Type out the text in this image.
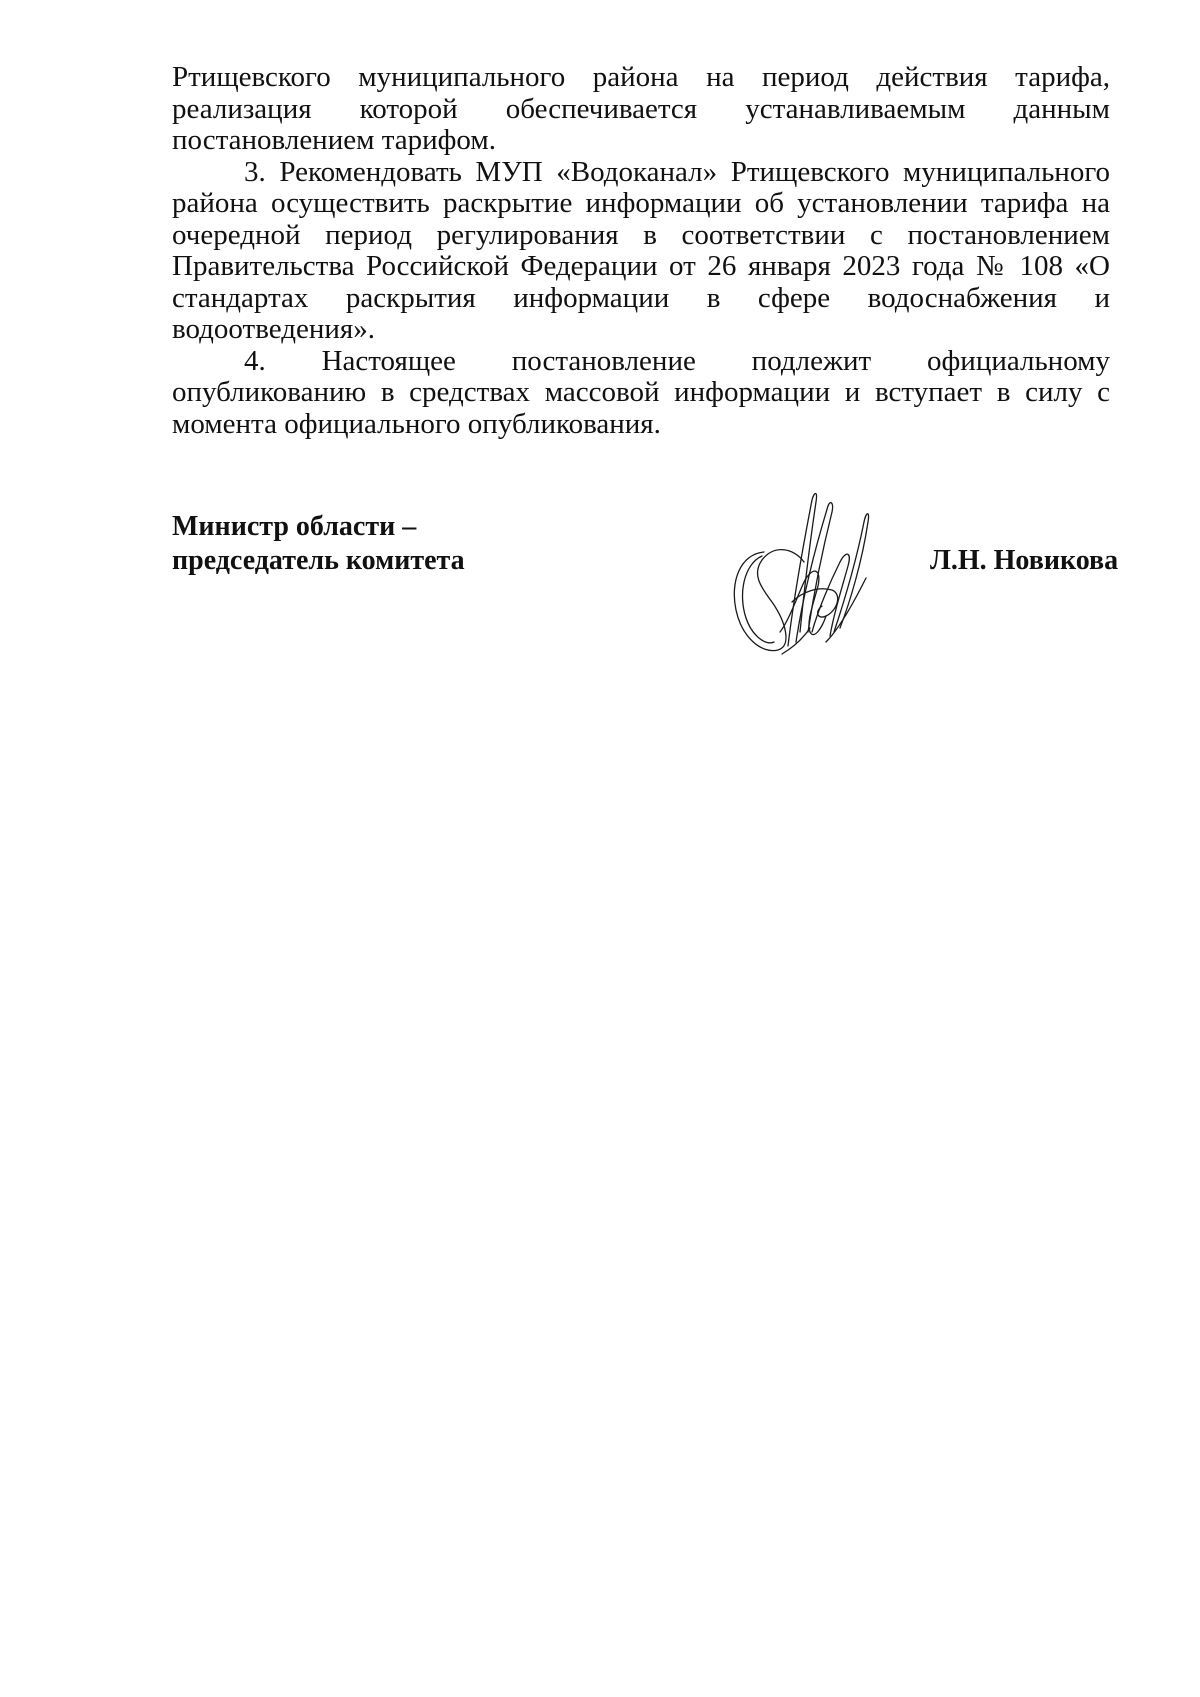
Ртищевского муниципального района на период действия тарифа, реализация которой обеспечивается устанавливаемым данным постановлением тарифом.

3. Рекомендовать МУП «Водоканал» Ртищевского муниципального района осуществить раскрытие информации об установлении тарифа на очередной период регулирования в соответствии с постановлением Правительства Российской Федерации от 26 января 2023 года № 108 «О стандартах раскрытия информации в сфере водоснабжения и водоотведения».

4. Настоящее постановление подлежит официальному опубликованию в средствах массовой информации и вступает в силу с момента официального опубликования.

Министр области –
председатель комитета	Л.Н. Новикова
